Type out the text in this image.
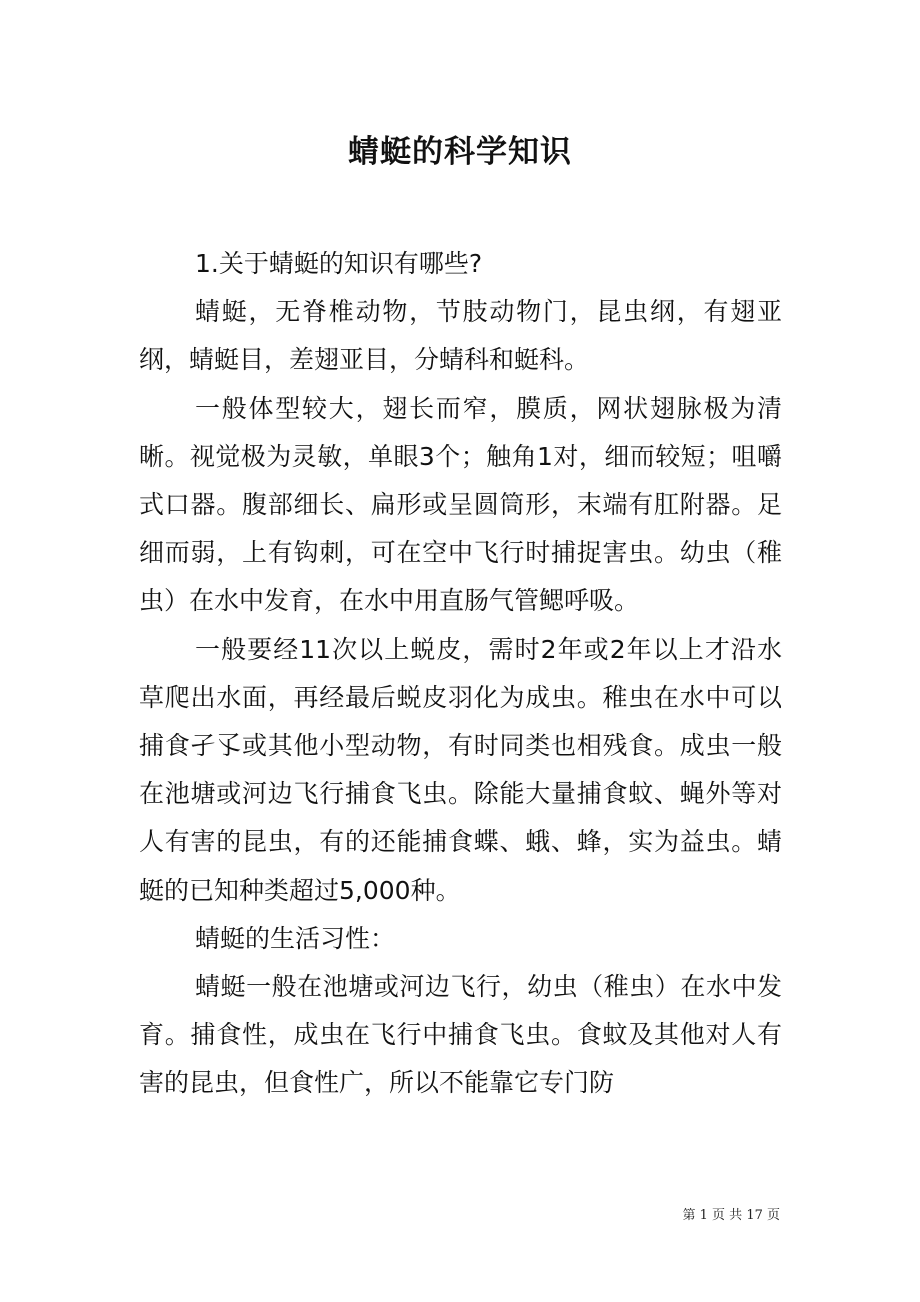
蜻蜓的科学知识

1.关于蜻蜓的知识有哪些?

蜻蜓，无脊椎动物，节肢动物门，昆虫纲，有翅亚纲，蜻蜓目，差翅亚目，分蜻科和蜓科。

一般体型较大，翅长而窄，膜质，网状翅脉极为清晰。视觉极为灵敏，单眼3个；触角1对，细而较短；咀嚼式口器。腹部细长、扁形或呈圆筒形，末端有肛附器。足细而弱，上有钩刺，可在空中飞行时捕捉害虫。幼虫（稚虫）在水中发育，在水中用直肠气管鳃呼吸。

一般要经11次以上蜕皮，需时2年或2年以上才沿水草爬出水面，再经最后蜕皮羽化为成虫。稚虫在水中可以捕食孑孓或其他小型动物，有时同类也相残食。成虫一般在池塘或河边飞行捕食飞虫。除能大量捕食蚊、蝇外等对人有害的昆虫，有的还能捕食蝶、蛾、蜂，实为益虫。蜻蜓的已知种类超过5,000种。

蜻蜓的生活习性：

蜻蜓一般在池塘或河边飞行，幼虫（稚虫）在水中发育。捕食性，成虫在飞行中捕食飞虫。食蚊及其他对人有害的昆虫，但食性广，所以不能靠它专门防

第 1 页 共 17 页
